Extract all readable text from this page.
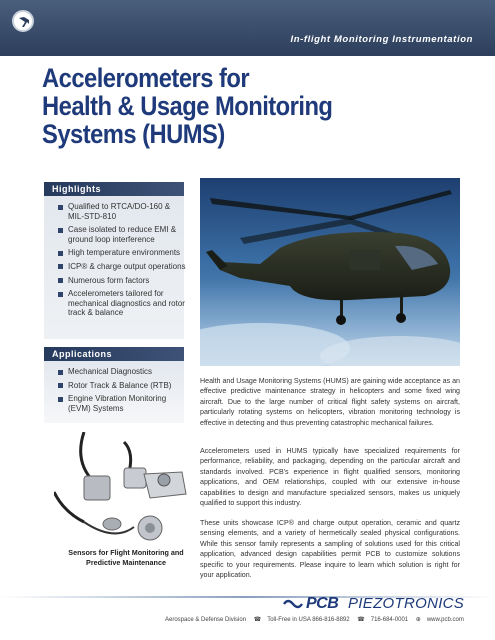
In-flight Monitoring Instrumentation
Accelerometers for
Health & Usage Monitoring
Systems (HUMS)
Highlights
Qualified to RTCA/DO-160 & MIL-STD-810
Case isolated to reduce EMI & ground loop interference
High temperature environments
ICP® & charge output operations
Numerous form factors
Accelerometers tailored for mechanical diagnostics and rotor track & balance
Applications
Mechanical Diagnostics
Rotor Track & Balance (RTB)
Engine Vibration Monitoring (EVM) Systems
Health and Usage Monitoring Systems (HUMS) are gaining wide acceptance as an effective predictive maintenance strategy in helicopters and some fixed wing aircraft. Due to the large number of critical flight safety systems on aircraft, particularly rotating systems on helicopters, vibration monitoring technology is effective in detecting and thus preventing catastrophic mechanical failures.
Accelerometers used in HUMS typically have specialized requirements for performance, reliability, and packaging, depending on the particular aircraft and standards involved. PCB's experience in flight qualified sensors, monitoring applications, and OEM relationships, coupled with our extensive in-house capabilities to design and manufacture specialized sensors, makes us uniquely qualified to support this industry.
These units showcase ICP® and charge output operation, ceramic and quartz sensing elements, and a variety of hermetically sealed physical configurations. While this sensor family represents a sampling of solutions used for this critical application, advanced design capabilities permit PCB to customize solutions specific to your requirements. Please inquire to learn which solution is right for your application.
Sensors for Flight Monitoring and
Predictive Maintenance
PCB PIEZOTRONICS
Aerospace & Defense Division ☎ Toll-Free in USA 866-816-8892 ☎ 716-684-0001 ⊕ www.pcb.com
